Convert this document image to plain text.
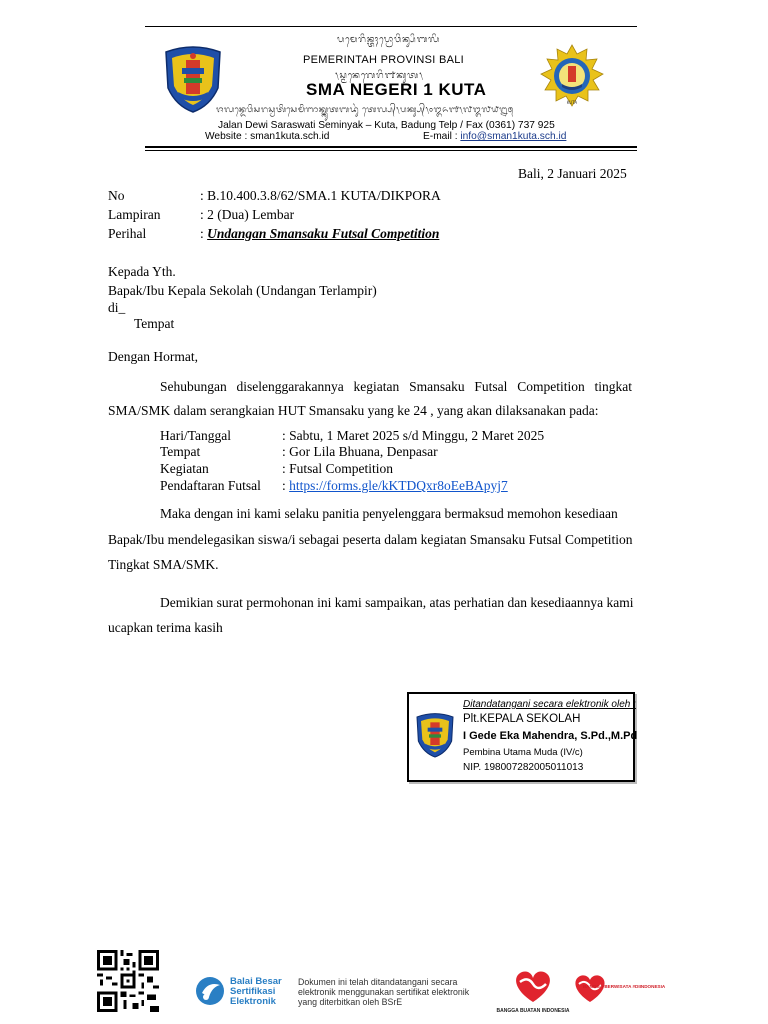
KUTA
ᬧᬫᬾᬭᬶᬦ᭄ᬢᬄᬧ᭄ᬭᭀᬯᬶᬦ᭄ᬲᬶᬩᬮᬶ
PEMERINTAH PROVINSI BALI
᭞ᬲ᭄ᬫᬦᬾᬕᬾᬭᬶ᭑ᬓᬸᬢ᭞
SMA NEGERI 1 KUTA
ᬚᬮᬦ᭄ᬤᬾᬯᬶᬲᬭᬲ᭄ᬯᬢᬶᬲᬾᬫᬶᬜᬓ᭄ᬓᬸᬢᬩᬤᬸᬂ ᬢᬾᬮ᭄ᬧ᭄᭞ᬧᬓ᭄ᬲ᭄᭞᭐᭓᭖᭑᭞᭗᭓᭗᭙᭒᭕
Jalan Dewi Saraswati Seminyak – Kuta, Badung Telp / Fax (0361) 737 925
Website : sman1kuta.sch.id	E-mail : info@sman1kuta.sch.id
Bali, 2 Januari 2025
No	: B.10.400.3.8/62/SMA.1 KUTA/DIKPORA
Lampiran	: 2 (Dua) Lembar
Perihal	: Undangan Smansaku Futsal Competition
Kepada Yth.
Bapak/Ibu Kepala Sekolah (Undangan Terlampir)
di_
Tempat
Dengan Hormat,
Sehubungan diselenggarakannya kegiatan Smansaku Futsal Competition tingkat
SMA/SMK dalam serangkaian HUT Smansaku yang ke 24 , yang akan dilaksanakan pada:
Hari/Tanggal	: Sabtu, 1 Maret 2025 s/d Minggu, 2 Maret 2025
Tempat	: Gor Lila Bhuana, Denpasar
Kegiatan	: Futsal Competition
Pendaftaran Futsal : https://forms.gle/kKTDQxr8oEeBApyj7
Maka dengan ini kami selaku panitia penyelenggara bermaksud memohon kesediaan
Bapak/Ibu mendelegasikan siswa/i sebagai peserta dalam kegiatan Smansaku Futsal Competition
Tingkat SMA/SMK.
Demikian surat permohonan ini kami sampaikan, atas perhatian dan kesediaannya kami
ucapkan terima kasih
Ditandatangani secara elektronik oleh :
Plt.KEPALA SEKOLAH
I Gede Eka Mahendra, S.Pd.,M.Pd
Pembina Utama Muda (IV/c)
NIP. 198007282005011013
Balai Besar
Sertifikasi
Elektronik
Dokumen ini telah ditandatangani secara
elektronik menggunakan sertifikat elektronik
yang diterbitkan oleh BSrE
BANGGA BUATAN INDONESIA
BANGGA BERWISATA #DIINDONESIA
